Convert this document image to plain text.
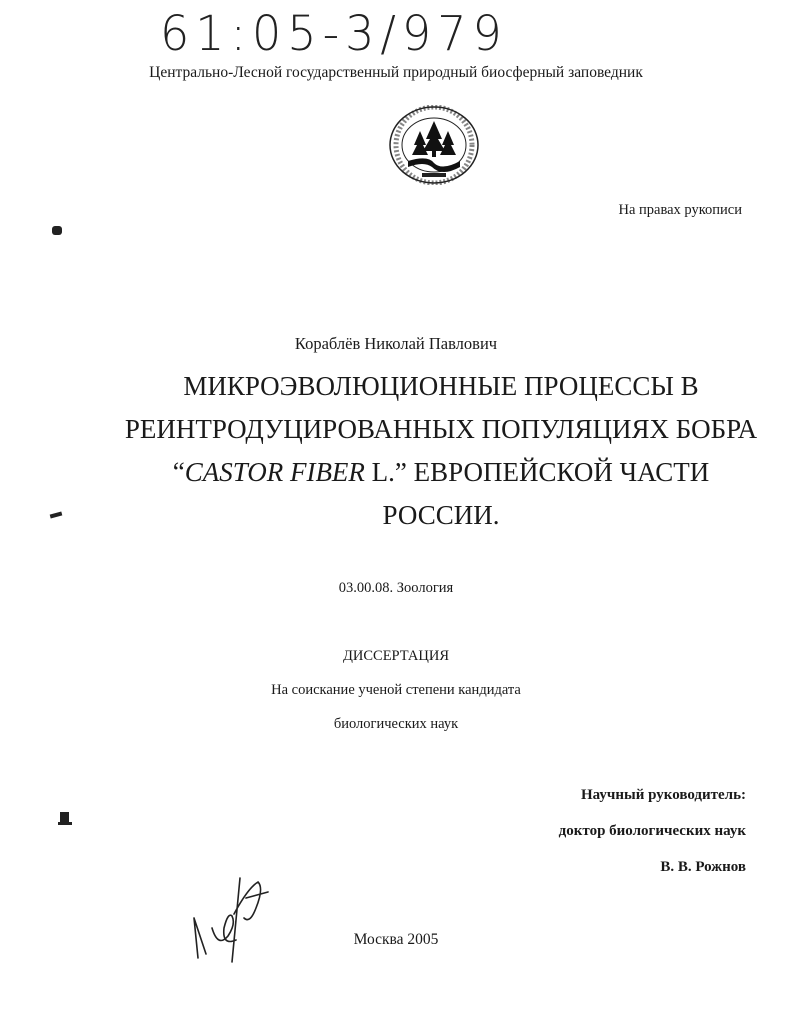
61:05-3/979
Центрально-Лесной государственный природный биосферный заповедник
На правах рукописи
Кораблёв Николай Павлович
МИКРОЭВОЛЮЦИОННЫЕ ПРОЦЕССЫ В
РЕИНТРОДУЦИРОВАННЫХ ПОПУЛЯЦИЯХ БОБРА
“CASTOR FIBER L.” ЕВРОПЕЙСКОЙ ЧАСТИ
РОССИИ.
03.00.08. Зоология
ДИССЕРТАЦИЯ
На соискание ученой степени кандидата
биологических наук
Научный руководитель:
доктор биологических наук
В. В. Рожнов
Москва 2005
